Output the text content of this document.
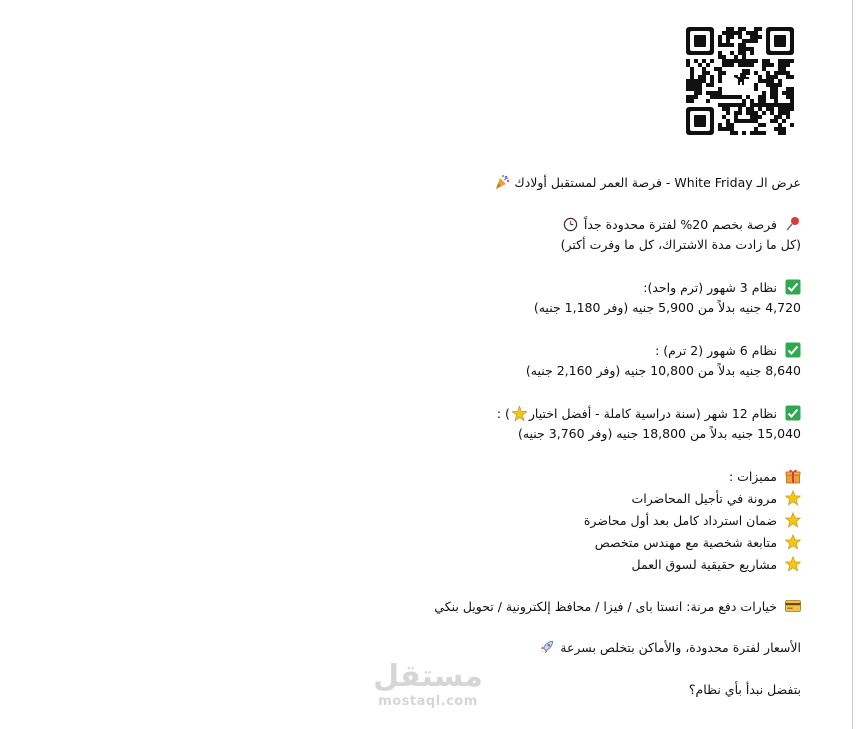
عرض الـ White Friday - فرصة العمر لمستقبل أولادك
فرصة بخصم 20% لفترة محدودة جداً
(كل ما زادت مدة الاشتراك، كل ما وفرت أكتر)
نظام 3 شهور (ترم واحد):
4,720 جنيه بدلاً من 5,900 جنيه (وفر 1,180 جنيه)
نظام 6 شهور (2 ترم) :
8,640 جنيه بدلاً من 10,800 جنيه (وفر 2,160 جنيه)
نظام 12 شهر (سنة دراسية كاملة - أفضل اختيار) :
15,040 جنيه بدلاً من 18,800 جنيه (وفر 3,760 جنيه)
مميزات :
مرونة في تأجيل المحاضرات
ضمان استرداد كامل بعد أول محاضرة
متابعة شخصية مع مهندس متخصص
مشاريع حقيقية لسوق العمل
خيارات دفع مرنة: انستا باى / فيزا / محافظ إلكترونية / تحويل بنكي
الأسعار لفترة محدودة، والأماكن بتخلص بسرعة
بتفضل نبدأ بأي نظام؟
مستقل
mostaql.com
